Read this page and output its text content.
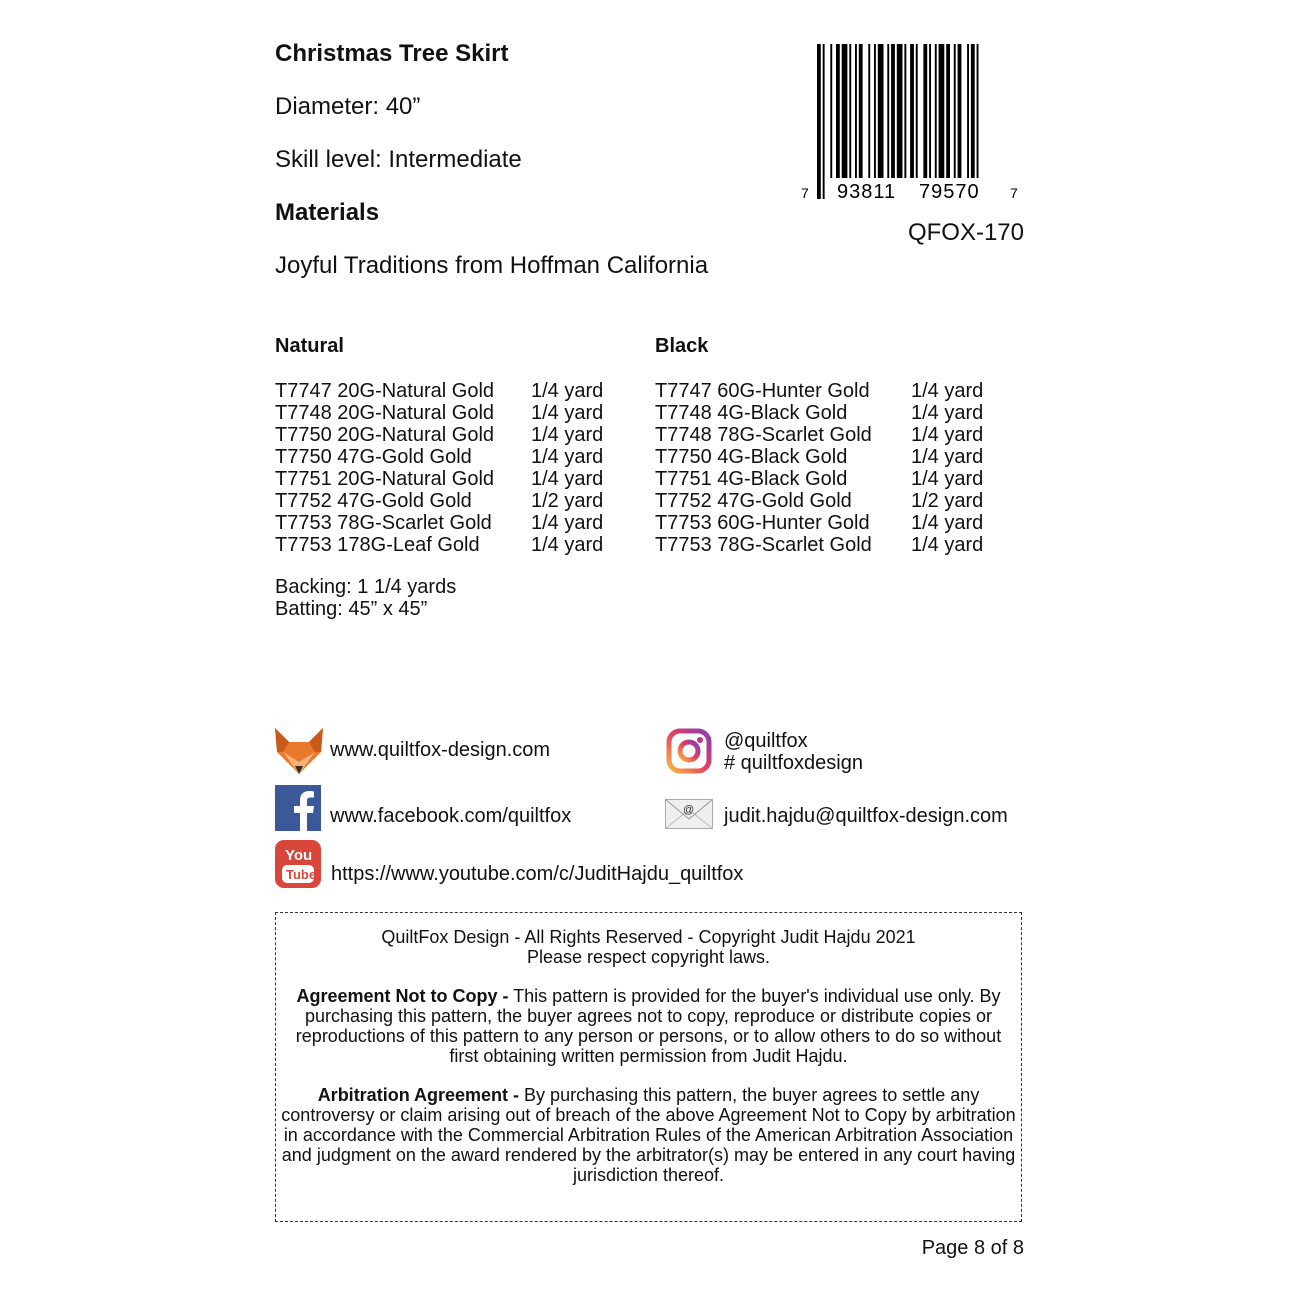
Christmas Tree Skirt
Diameter: 40”
Skill level: Intermediate
Materials
Joyful Traditions from Hoffman California
7 93811 79570 7
QFOX-170
Natural
T7747 20G-Natural Gold	1/4 yard
T7748 20G-Natural Gold	1/4 yard
T7750 20G-Natural Gold	1/4 yard
T7750 47G-Gold Gold	1/4 yard
T7751 20G-Natural Gold	1/4 yard
T7752 47G-Gold Gold	1/2 yard
T7753 78G-Scarlet Gold	1/4 yard
T7753 178G-Leaf Gold	1/4 yard
Black
T7747 60G-Hunter Gold	1/4 yard
T7748 4G-Black Gold	1/4 yard
T7748 78G-Scarlet Gold	1/4 yard
T7750 4G-Black Gold	1/4 yard
T7751 4G-Black Gold	1/4 yard
T7752 47G-Gold Gold	1/2 yard
T7753 60G-Hunter Gold	1/4 yard
T7753 78G-Scarlet Gold	1/4 yard
Backing: 1 1/4 yards
Batting: 45” x 45”
www.quiltfox-design.com	@quiltfox
# quiltfoxdesign
www.facebook.com/quiltfox	@ judit.hajdu@quiltfox-design.com
You
Tube https://www.youtube.com/c/JuditHajdu_quiltfox

QuiltFox Design - All Rights Reserved - Copyright Judit Hajdu 2021
Please respect copyright laws.

Agreement Not to Copy - This pattern is provided for the buyer's individual use only. By purchasing this pattern, the buyer agrees not to copy, reproduce or distribute copies or reproductions of this pattern to any person or persons, or to allow others to do so without first obtaining written permission from Judit Hajdu.

Arbitration Agreement - By purchasing this pattern, the buyer agrees to settle any controversy or claim arising out of breach of the above Agreement Not to Copy by arbitration in accordance with the Commercial Arbitration Rules of the American Arbitration Association and judgment on the award rendered by the arbitrator(s) may be entered in any court having jurisdiction thereof.

Page 8 of 8
